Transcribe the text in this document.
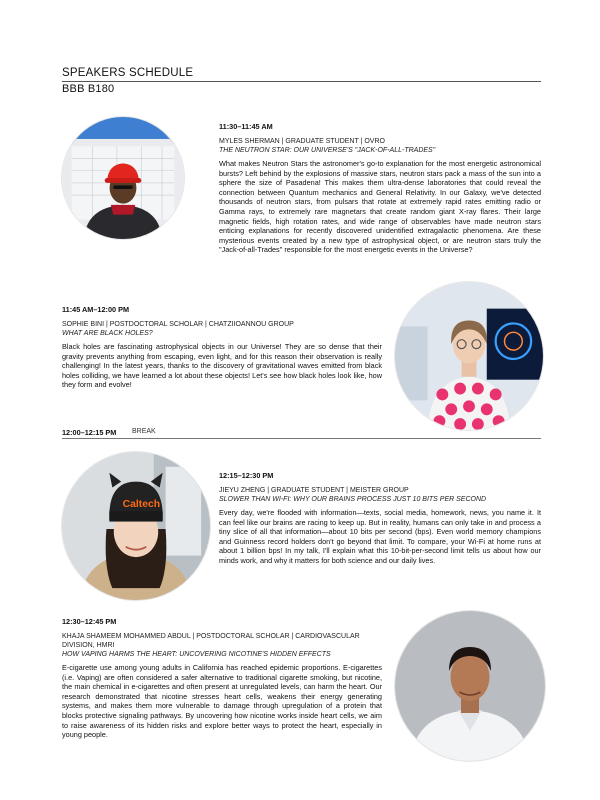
SPEAKERS SCHEDULE
BBB B180
11:30–11:45 AM
MYLES SHERMAN | GRADUATE STUDENT | OVRO
THE NEUTRON STAR: OUR UNIVERSE'S "JACK-OF-ALL-TRADES"
What makes Neutron Stars the astronomer's go-to explanation for the most energetic astronomical bursts? Left behind by the explosions of massive stars, neutron stars pack a mass of the sun into a sphere the size of Pasadena! This makes them ultra-dense laboratories that could reveal the connection between Quantum mechanics and General Relativity. In our Galaxy, we've detected thousands of neutron stars, from pulsars that rotate at extremely rapid rates emitting radio or Gamma rays, to extremely rare magnetars that create random giant X-ray flares. Their large magnetic fields, high rotation rates, and wide range of observables have made neutron stars enticing explanations for recently discovered unidentified extragalactic phenomena. Are these mysterious events created by a new type of astrophysical object, or are neutron stars truly the "Jack-of-all-Trades" responsible for the most energetic events in the Universe?
11:45 AM–12:00 PM
SOPHIE BINI | POSTDOCTORAL SCHOLAR | CHATZIIOANNOU GROUP
WHAT ARE BLACK HOLES?
Black holes are fascinating astrophysical objects in our Universe! They are so dense that their gravity prevents anything from escaping, even light, and for this reason their observation is really challenging! In the latest years, thanks to the discovery of gravitational waves emitted from black holes colliding, we have learned a lot about these objects! Let's see how black holes look like, how they form and evolve!
12:00–12:15 PM BREAK
Caltech
12:15–12:30 PM
JIEYU ZHENG | GRADUATE STUDENT | MEISTER GROUP
SLOWER THAN WI-FI: WHY OUR BRAINS PROCESS JUST 10 BITS PER SECOND
Every day, we're flooded with information—texts, social media, homework, news, you name it. It can feel like our brains are racing to keep up. But in reality, humans can only take in and process a tiny slice of all that information—about 10 bits per second (bps). Even world memory champions and Guinness record holders don't go beyond that limit. To compare, your Wi-Fi at home runs at about 1 billion bps! In my talk, I'll explain what this 10-bit-per-second limit tells us about how our minds work, and why it matters for both science and our daily lives.
12:30–12:45 PM
KHAJA SHAMEEM MOHAMMED ABDUL | POSTDOCTORAL SCHOLAR | CARDIOVASCULAR DIVISION, HMRI
HOW VAPING HARMS THE HEART: UNCOVERING NICOTINE'S HIDDEN EFFECTS
E-cigarette use among young adults in California has reached epidemic proportions. E-cigarettes (i.e. Vaping) are often considered a safer alternative to traditional cigarette smoking, but nicotine, the main chemical in e-cigarettes and often present at unregulated levels, can harm the heart. Our research demonstrated that nicotine stresses heart cells, weakens their energy generating systems, and makes them more vulnerable to damage through upregulation of a protein that blocks protective signaling pathways. By uncovering how nicotine works inside heart cells, we aim to raise awareness of its hidden risks and explore better ways to protect the heart, especially in young people.
